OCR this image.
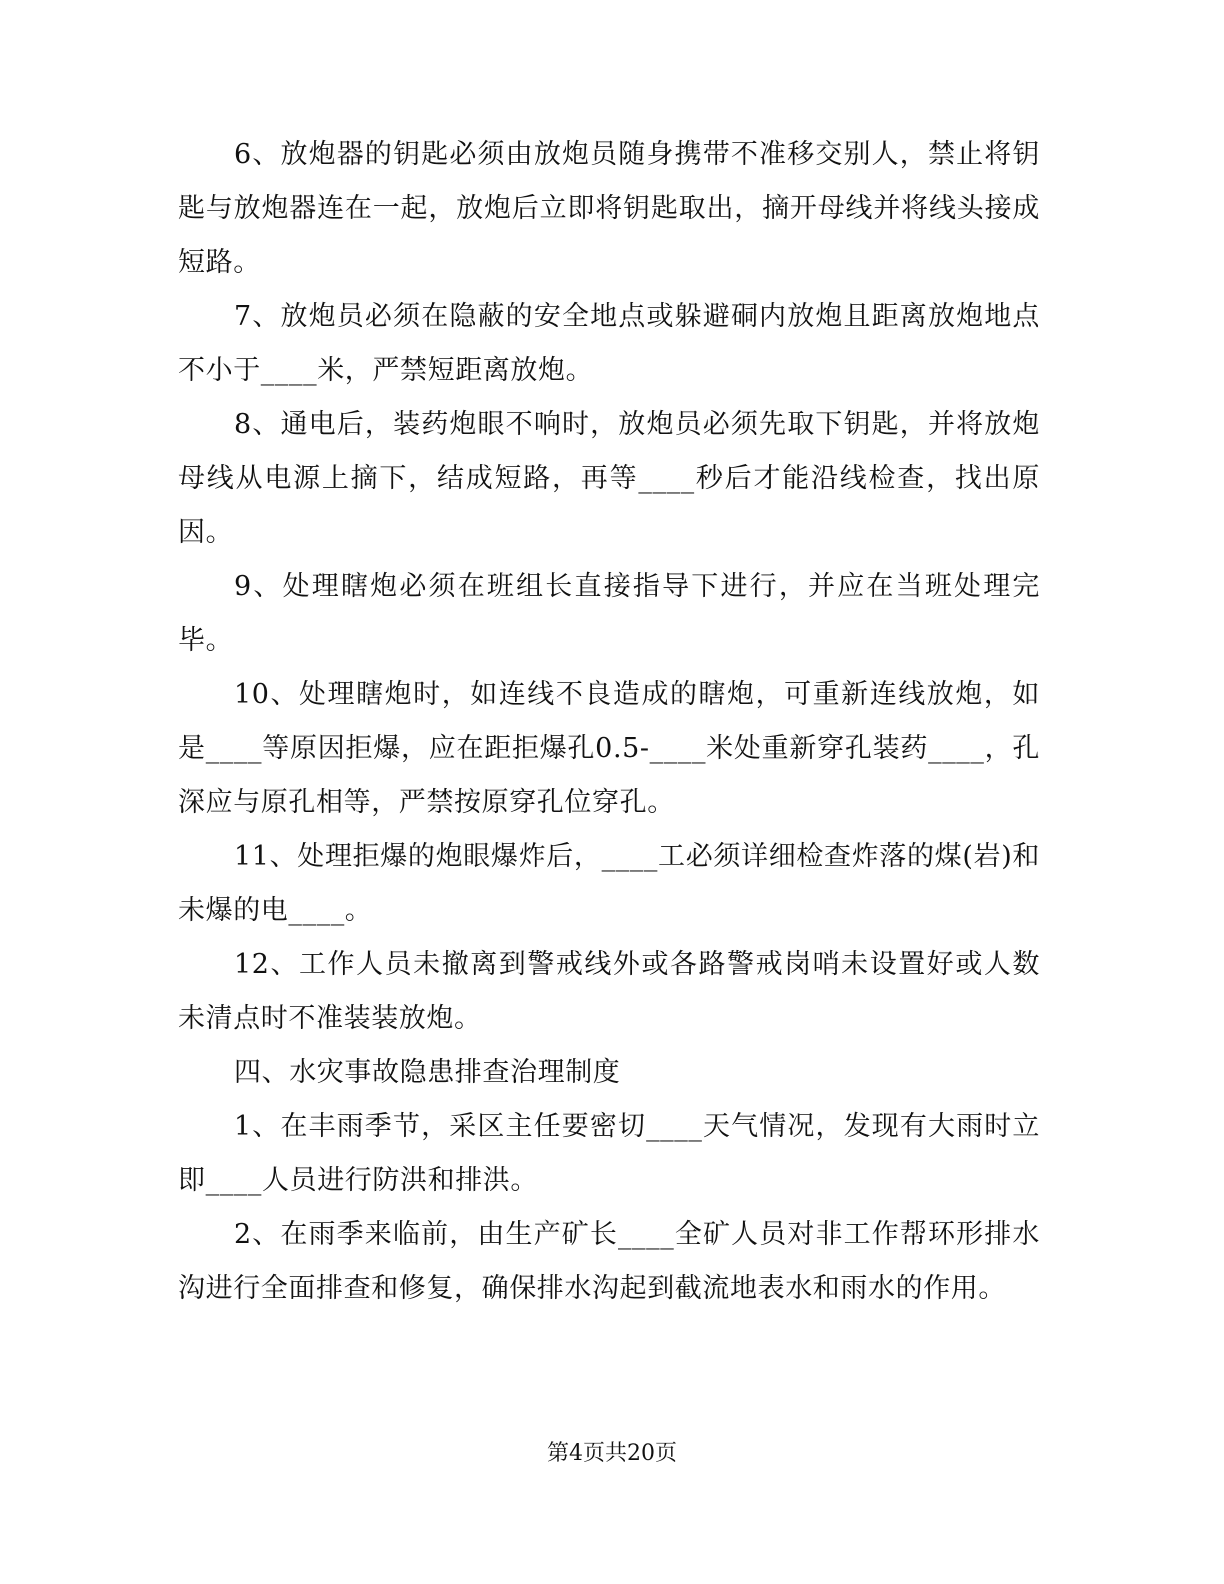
6、放炮器的钥匙必须由放炮员随身携带不准移交别人，禁止将钥匙与放炮器连在一起，放炮后立即将钥匙取出，摘开母线并将线头接成短路。

7、放炮员必须在隐蔽的安全地点或躲避硐内放炮且距离放炮地点不小于____米，严禁短距离放炮。

8、通电后，装药炮眼不响时，放炮员必须先取下钥匙，并将放炮母线从电源上摘下，结成短路，再等____秒后才能沿线检查，找出原因。

9、处理瞎炮必须在班组长直接指导下进行，并应在当班处理完毕。

10、处理瞎炮时，如连线不良造成的瞎炮，可重新连线放炮，如是____等原因拒爆，应在距拒爆孔0.5-____米处重新穿孔装药____，孔深应与原孔相等，严禁按原穿孔位穿孔。

11、处理拒爆的炮眼爆炸后，____工必须详细检查炸落的煤(岩)和未爆的电____。

12、工作人员未撤离到警戒线外或各路警戒岗哨未设置好或人数未清点时不准装装放炮。

四、水灾事故隐患排查治理制度

1、在丰雨季节，采区主任要密切____天气情况，发现有大雨时立即____人员进行防洪和排洪。

2、在雨季来临前，由生产矿长____全矿人员对非工作帮环形排水沟进行全面排查和修复，确保排水沟起到截流地表水和雨水的作用。

第4页共20页
